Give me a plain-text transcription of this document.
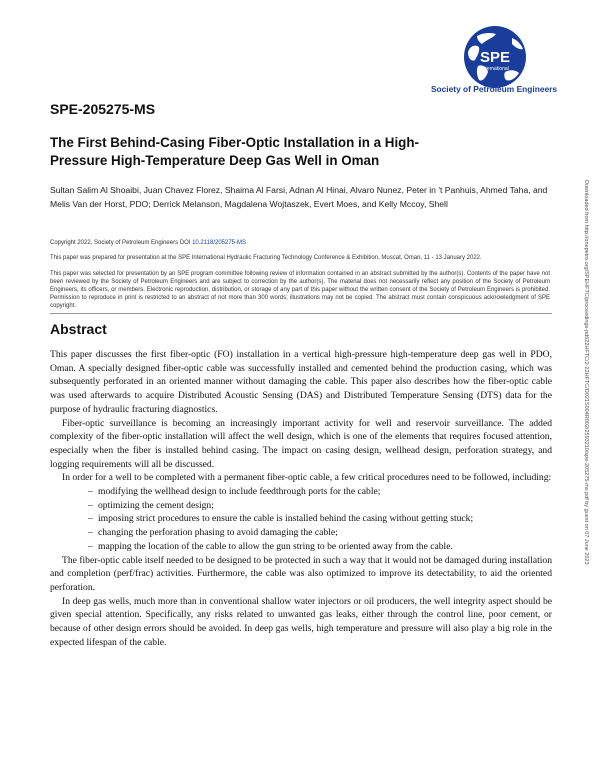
SPE
International
Society of Petroleum Engineers
SPE-205275-MS
The First Behind-Casing Fiber-Optic Installation in a High-Pressure High-Temperature Deep Gas Well in Oman
Sultan Salim Al Shoaibi, Juan Chavez Florez, Shaima Al Farsi, Adnan Al Hinai, Alvaro Nunez, Peter in 't Panhuis, Ahmed Taha, and Melis Van der Horst, PDO; Derrick Melanson, Magdalena Wojtaszek, Evert Moes, and Kelly Mccoy, Shell
Copyright 2022, Society of Petroleum Engineers DOI 10.2118/205275-MS
This paper was prepared for presentation at the SPE International Hydraulic Fracturing Technology Conference & Exhibition, Muscat, Oman, 11 - 13 January 2022.
This paper was selected for presentation by an SPE program committee following review of information contained in an abstract submitted by the author(s). Contents of the paper have not been reviewed by the Society of Petroleum Engineers and are subject to correction by the author(s). The material does not necessarily reflect any position of the Society of Petroleum Engineers, its officers, or members. Electronic reproduction, distribution, or storage of any part of this paper without the written consent of the Society of Petroleum Engineers is prohibited. Permission to reproduce in print is restricted to an abstract of not more than 300 words; illustrations may not be copied. The abstract must contain conspicuous acknowledgment of SPE copyright.
Abstract

This paper discusses the first fiber-optic (FO) installation in a vertical high-pressure high-temperature deep gas well in PDO, Oman. A specially designed fiber-optic cable was successfully installed and cemented behind the production casing, which was subsequently perforated in an oriented manner without damaging the cable. This paper also describes how the fiber-optic cable was used afterwards to acquire Distributed Acoustic Sensing (DAS) and Distributed Temperature Sensing (DTS) data for the purpose of hydraulic fracturing diagnostics.

Fiber-optic surveillance is becoming an increasingly important activity for well and reservoir surveillance. The added complexity of the fiber-optic installation will affect the well design, which is one of the elements that requires focused attention, especially when the fiber is installed behind casing. The impact on casing design, wellhead design, perforation strategy, and logging requirements will all be discussed.

In order for a well to be completed with a permanent fiber-optic cable, a few critical procedures need to be followed, including:

– modifying the wellhead design to include feedthrough ports for the cable;
– optimizing the cement design;
– imposing strict procedures to ensure the cable is installed behind the casing without getting stuck;
– changing the perforation phasing to avoid damaging the cable;
– mapping the location of the cable to allow the gun string to be oriented away from the cable.

The fiber-optic cable itself needed to be designed to be protected in such a way that it would not be damaged during installation and completion (perf/frac) activities. Furthermore, the cable was also optimized to improve its detectability, to aid the oriented perforation.

In deep gas wells, much more than in conventional shallow water injectors or oil producers, the well integrity aspect should be given special attention. Specifically, any risks related to unwanted gas leaks, either through the control line, poor cement, or because of other design errors should be avoided. In deep gas wells, high temperature and pressure will also play a big role in the expected lifespan of the cable.

Downloaded from http://onepetro.org/SPEHFTC/proceedings-pdf/22HFTC/2-22HFTC/D021S004R002/2593210/spe-205275-ms.pdf by guest on 07 June 2023
